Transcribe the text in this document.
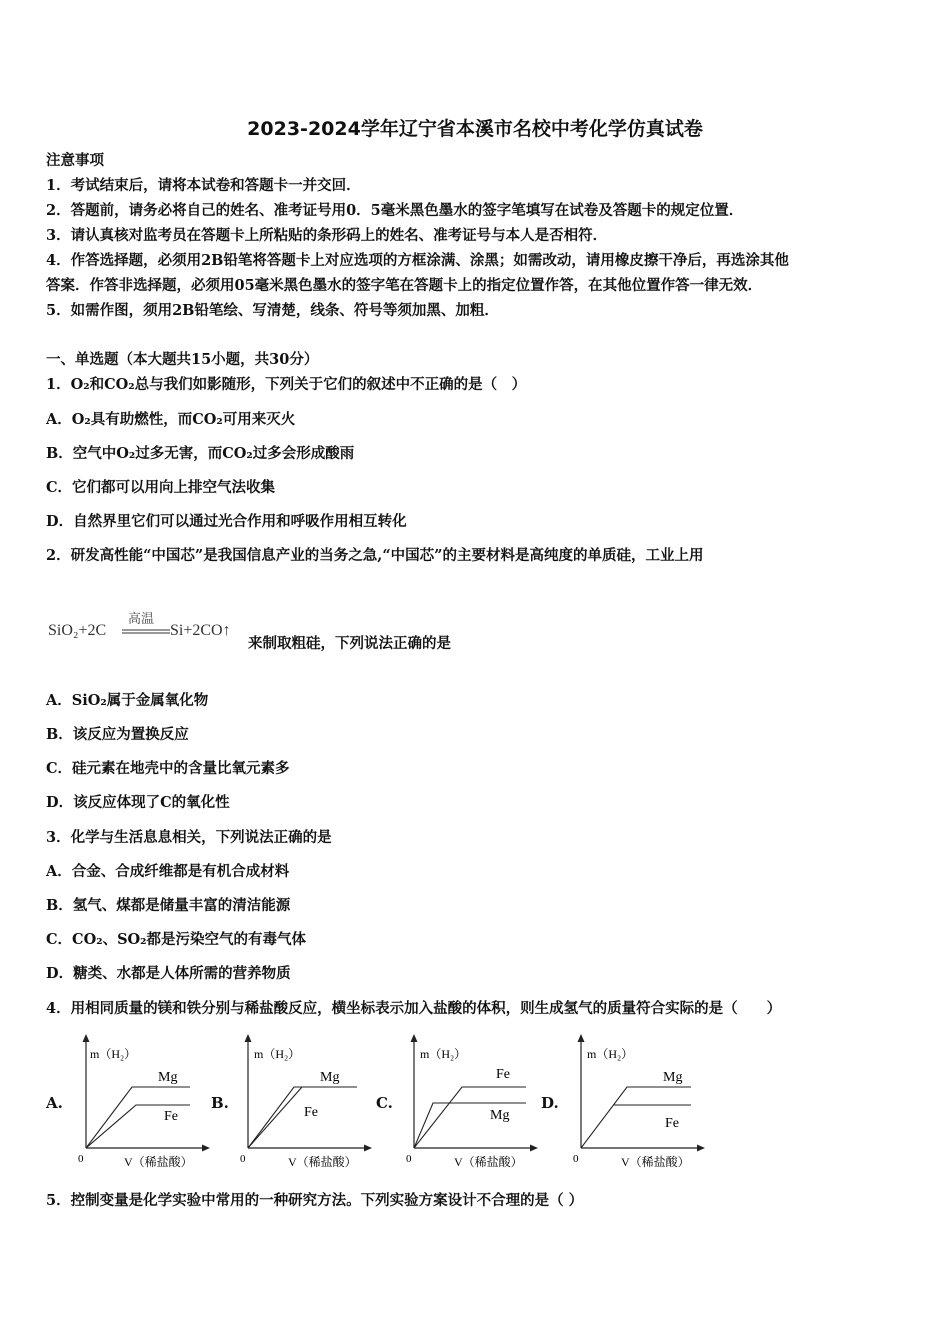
2023-2024学年辽宁省本溪市名校中考化学仿真试卷
注意事项
1．考试结束后，请将本试卷和答题卡一并交回．
2．答题前，请务必将自己的姓名、准考证号用0．5毫米黑色墨水的签字笔填写在试卷及答题卡的规定位置．
3．请认真核对监考员在答题卡上所粘贴的条形码上的姓名、准考证号与本人是否相符．
4．作答选择题，必须用2B铅笔将答题卡上对应选项的方框涂满、涂黑；如需改动，请用橡皮擦干净后，再选涂其他
答案．作答非选择题，必须用05毫米黑色墨水的签字笔在答题卡上的指定位置作答，在其他位置作答一律无效．
5．如需作图，须用2B铅笔绘、写清楚，线条、符号等须加黑、加粗．
一、单选题（本大题共15小题，共30分）
1．O₂和CO₂总与我们如影随形，下列关于它们的叙述中不正确的是（　）
A．O₂具有助燃性，而CO₂可用来灭火
B．空气中O₂过多无害，而CO₂过多会形成酸雨
C．它们都可以用向上排空气法收集
D．自然界里它们可以通过光合作用和呼吸作用相互转化
2．研发高性能“中国芯”是我国信息产业的当务之急,“中国芯”的主要材料是高纯度的单质硅，工业上用
SiO₂+2C
高温
Si+2CO↑
来制取粗硅，下列说法正确的是
A．SiO₂属于金属氧化物
B．该反应为置换反应
C．硅元素在地壳中的含量比氧元素多
D．该反应体现了C的氧化性
3．化学与生活息息相关，下列说法正确的是
A．合金、合成纤维都是有机合成材料
B．氢气、煤都是储量丰富的清洁能源
C．CO₂、SO₂都是污染空气的有毒气体
D．糖类、水都是人体所需的营养物质
4．用相同质量的镁和铁分别与稀盐酸反应，横坐标表示加入盐酸的体积，则生成氢气的质量符合实际的是（　　）
A.
m（H₂）
0	V（稀盐酸）
Mg
Fe
B.
m（H₂）
0	V（稀盐酸）
Mg
Fe
C.
m（H₂）
0	V（稀盐酸）
Fe
Mg
D.
m（H₂）
0	V（稀盐酸）
Mg
Fe
5．控制变量是化学实验中常用的一种研究方法。下列实验方案设计不合理的是（ ）
